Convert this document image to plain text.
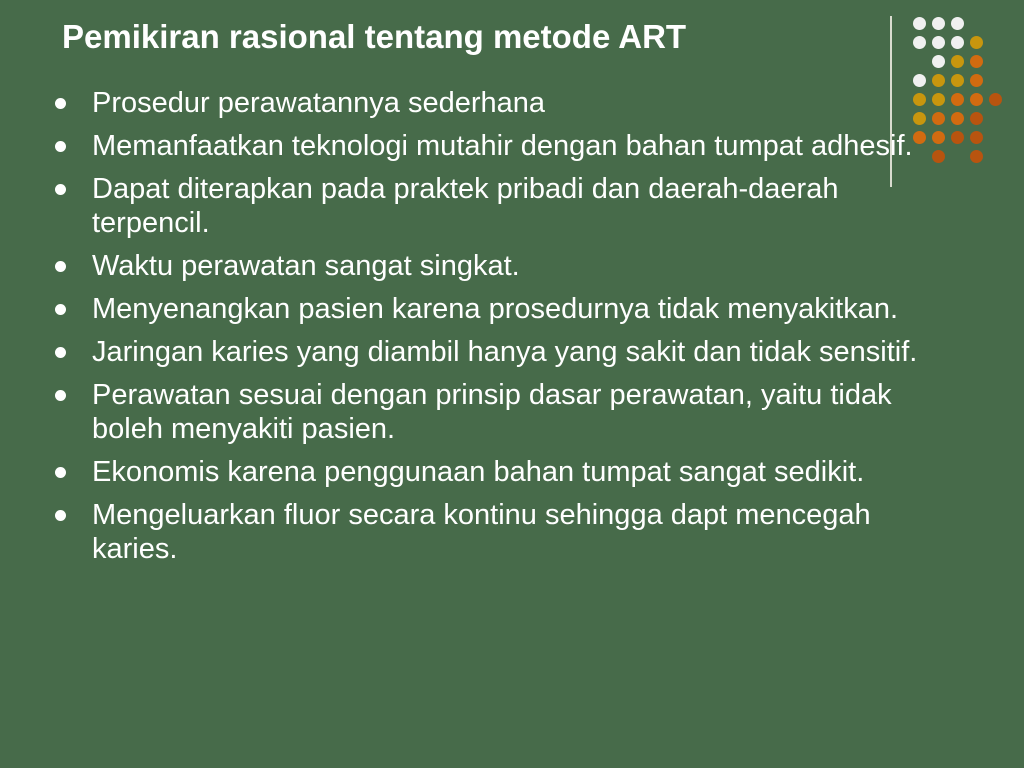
Pemikiran rasional tentang metode ART
Prosedur perawatannya sederhana
Memanfaatkan teknologi mutahir dengan bahan tumpat adhesif.
Dapat diterapkan pada praktek pribadi dan daerah-daerah terpencil.
Waktu perawatan sangat singkat.
Menyenangkan pasien karena prosedurnya tidak menyakitkan.
Jaringan karies yang diambil hanya yang sakit dan tidak sensitif.
Perawatan sesuai dengan prinsip dasar perawatan, yaitu tidak boleh menyakiti pasien.
Ekonomis karena penggunaan bahan tumpat sangat sedikit.
Mengeluarkan fluor secara kontinu sehingga dapt mencegah karies.
